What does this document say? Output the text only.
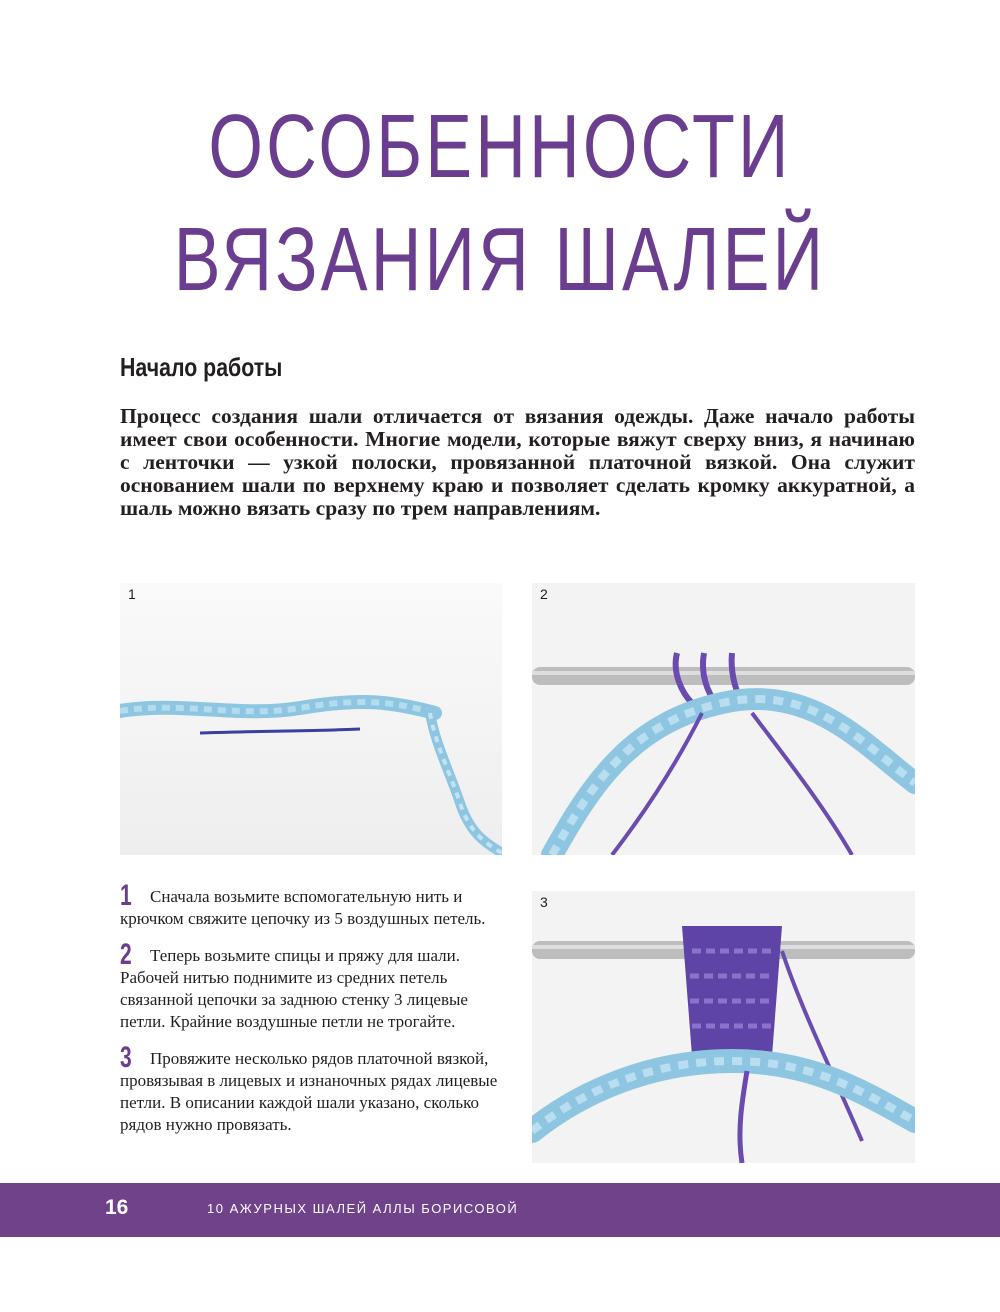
ОСОБЕННОСТИ
ВЯЗАНИЯ ШАЛЕЙ
Начало работы

Процесс создания шали отличается от вязания одежды. Даже начало работы имеет свои особенности. Многие модели, которые вяжут сверху вниз, я начинаю с ленточки — узкой полоски, провязанной платочной вязкой. Она служит основанием шали по верхнему краю и позволяет сделать кромку аккуратной, а шаль можно вязать сразу по трем направлениям.

1	2
3

1 Сначала возьмите вспомогательную нить и крючком свяжите цепочку из 5 воздушных петель.

2 Теперь возьмите спицы и пряжу для шали. Рабочей нитью поднимите из средних петель связанной цепочки за заднюю стенку 3 лицевые петли. Крайние воздушные петли не трогайте.

3 Провяжите несколько рядов платочной вязкой, провязывая в лицевых и изнаночных рядах лицевые петли. В описании каждой шали указано, сколько рядов нужно провязать.

16	10 АЖУРНЫХ ШАЛЕЙ АЛЛЫ БОРИСОВОЙ
